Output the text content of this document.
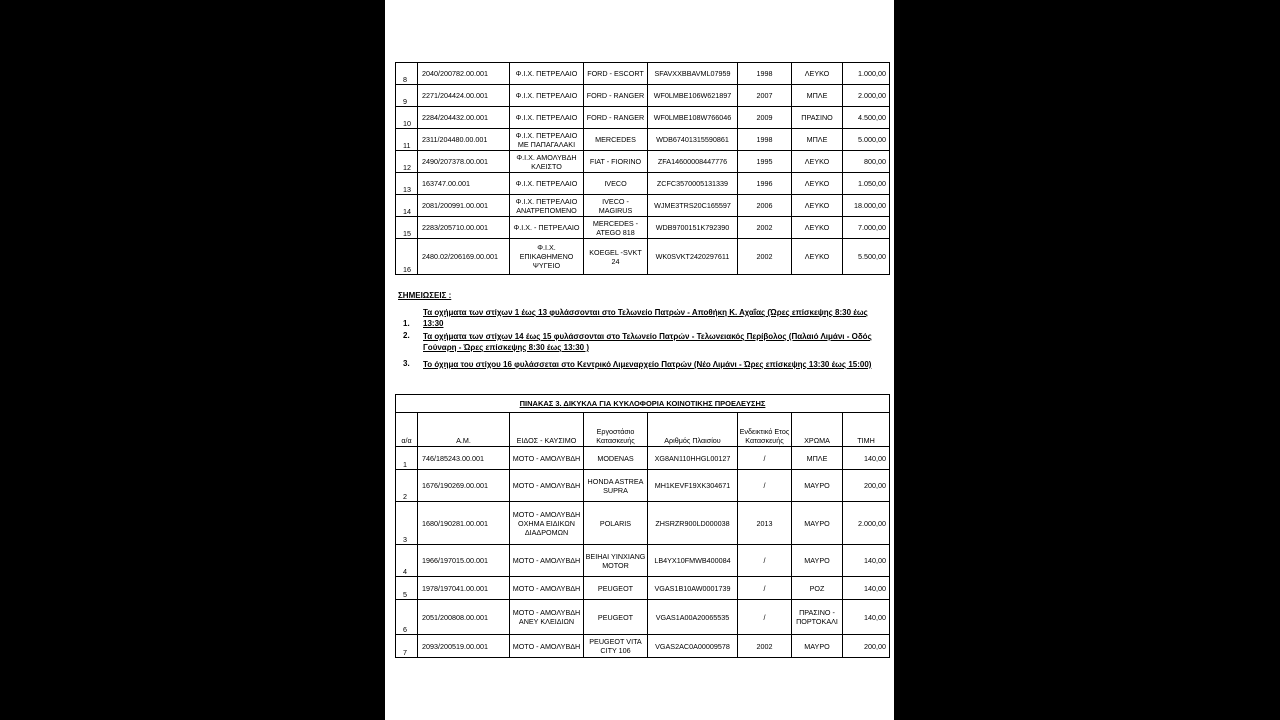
8	2040/200782.00.001	Φ.Ι.Χ. ΠΕΤΡΕΛΑΙΟ	FORD - ESCORT	SFAVXXBBAVML07959	1998	ΛΕΥΚΟ	1.000,00
9	2271/204424.00.001	Φ.Ι.Χ. ΠΕΤΡΕΛΑΙΟ	FORD - RANGER	WF0LMBE106W621897	2007	ΜΠΛΕ	2.000,00
10	2284/204432.00.001	Φ.Ι.Χ. ΠΕΤΡΕΛΑΙΟ	FORD - RANGER	WF0LMBE108W766046	2009	ΠΡΑΣΙΝΟ	4.500,00
11	2311/204480.00.001	Φ.Ι.Χ. ΠΕΤΡΕΛΑΙΟ ΜΕ ΠΑΠΑΓΑΛΑΚΙ	MERCEDES	WDB67401315590861	1998	ΜΠΛΕ	5.000,00
12	2490/207378.00.001	Φ.Ι.Χ. ΑΜΟΛΥΒΔΗ ΚΛΕΙΣΤΟ	FIAT - FIORINO	ZFA14600008447776	1995	ΛΕΥΚΟ	800,00
13	163747.00.001	Φ.Ι.Χ. ΠΕΤΡΕΛΑΙΟ	IVECO	ZCFC3570005131339	1996	ΛΕΥΚΟ	1.050,00
14	2081/200991.00.001	Φ.Ι.Χ. ΠΕΤΡΕΛΑΙΟ ΑΝΑΤΡΕΠΟΜΕΝΟ	IVECO - MAGIRUS	WJME3TRS20C165597	2006	ΛΕΥΚΟ	18.000,00
15	2283/205710.00.001	Φ.Ι.Χ. - ΠΕΤΡΕΛΑΙΟ	MERCEDES - ATEGO 818	WDB9700151K792390	2002	ΛΕΥΚΟ	7.000,00
16	2480.02/206169.00.001	Φ.Ι.Χ. ΕΠΙΚΑΘΗΜΕΝΟ ΨΥΓΕΙΟ	KOEGEL -SVKT 24	WK0SVKT2420297611	2002	ΛΕΥΚΟ	5.500,00
ΣΗΜΕΙΩΣΕΙΣ :
Τα οχήματα των στίχων 1 έως 13 φυλάσσονται στο Τελωνείο Πατρών - Αποθήκη Κ. Αχαΐας (Ώρες επίσκεψης 8:30 έως 13:30
1.
Τα οχήματα των στίχων 14 έως 15 φυλάσσονται στο Τελωνείο Πατρών - Τελωνειακός Περίβολος (Παλαιό Λιμάνι - Οδός Γούναρη - Ώρες επίσκεψης 8:30 έως 13:30 )
2.
Το όχημα του στίχου 16 φυλάσσεται στο Κεντρικό Λιμεναρχείο Πατρών (Νέο Λιμάνι - Ώρες επίσκεψης 13:30 έως 15:00)
3.
ΠΙΝΑΚΑΣ 3. ΔΙΚΥΚΛΑ ΓΙΑ ΚΥΚΛΟΦΟΡΙΑ ΚΟΙΝΟΤΙΚΗΣ ΠΡΟΕΛΕΥΣΗΣ							
α/α	Α.Μ.	ΕΙΔΟΣ - ΚΑΥΣΙΜΟ	Εργοστάσιο Κατασκευής	Αριθμός Πλαισίου	Ενδεικτικό Ετος Κατασκευής	ΧΡΩΜΑ	ΤΙΜΗ
1	746/185243.00.001	ΜΟΤΟ - ΑΜΟΛΥΒΔΗ	MODENAS	XG8AN110HHGL00127	/	ΜΠΛΕ	140,00
2	1676/190269.00.001	ΜΟΤΟ - ΑΜΟΛΥΒΔΗ	HONDA ASTREA SUPRA	MH1KEVF19XK304671	/	ΜΑΥΡΟ	200,00
3	1680/190281.00.001	ΜΟΤΟ - ΑΜΟΛΥΒΔΗ ΟΧΗΜΑ ΕΙΔΙΚΩΝ ΔΙΑΔΡΟΜΩΝ	POLARIS	ZHSRZR900LD000038	2013	ΜΑΥΡΟ	2.000,00
4	1966/197015.00.001	ΜΟΤΟ - ΑΜΟΛΥΒΔΗ	BEIHAI YINXIANG MOTOR	LB4YX10FMWB400084	/	ΜΑΥΡΟ	140,00
5	1978/197041.00.001	ΜΟΤΟ - ΑΜΟΛΥΒΔΗ	PEUGEOT	VGAS1B10AW0001739	/	ΡΟΖ	140,00
6	2051/200808.00.001	ΜΟΤΟ - ΑΜΟΛΥΒΔΗ ΑΝΕΥ ΚΛΕΙΔΙΩΝ	PEUGEOT	VGAS1A00A20065535	/	ΠΡΑΣΙΝΟ - ΠΟΡΤΟΚΑΛΙ	140,00
7	2093/200519.00.001	ΜΟΤΟ - ΑΜΟΛΥΒΔΗ	PEUGEOT VITA CITY 106	VGAS2AC0A00009578	2002	ΜΑΥΡΟ	200,00
